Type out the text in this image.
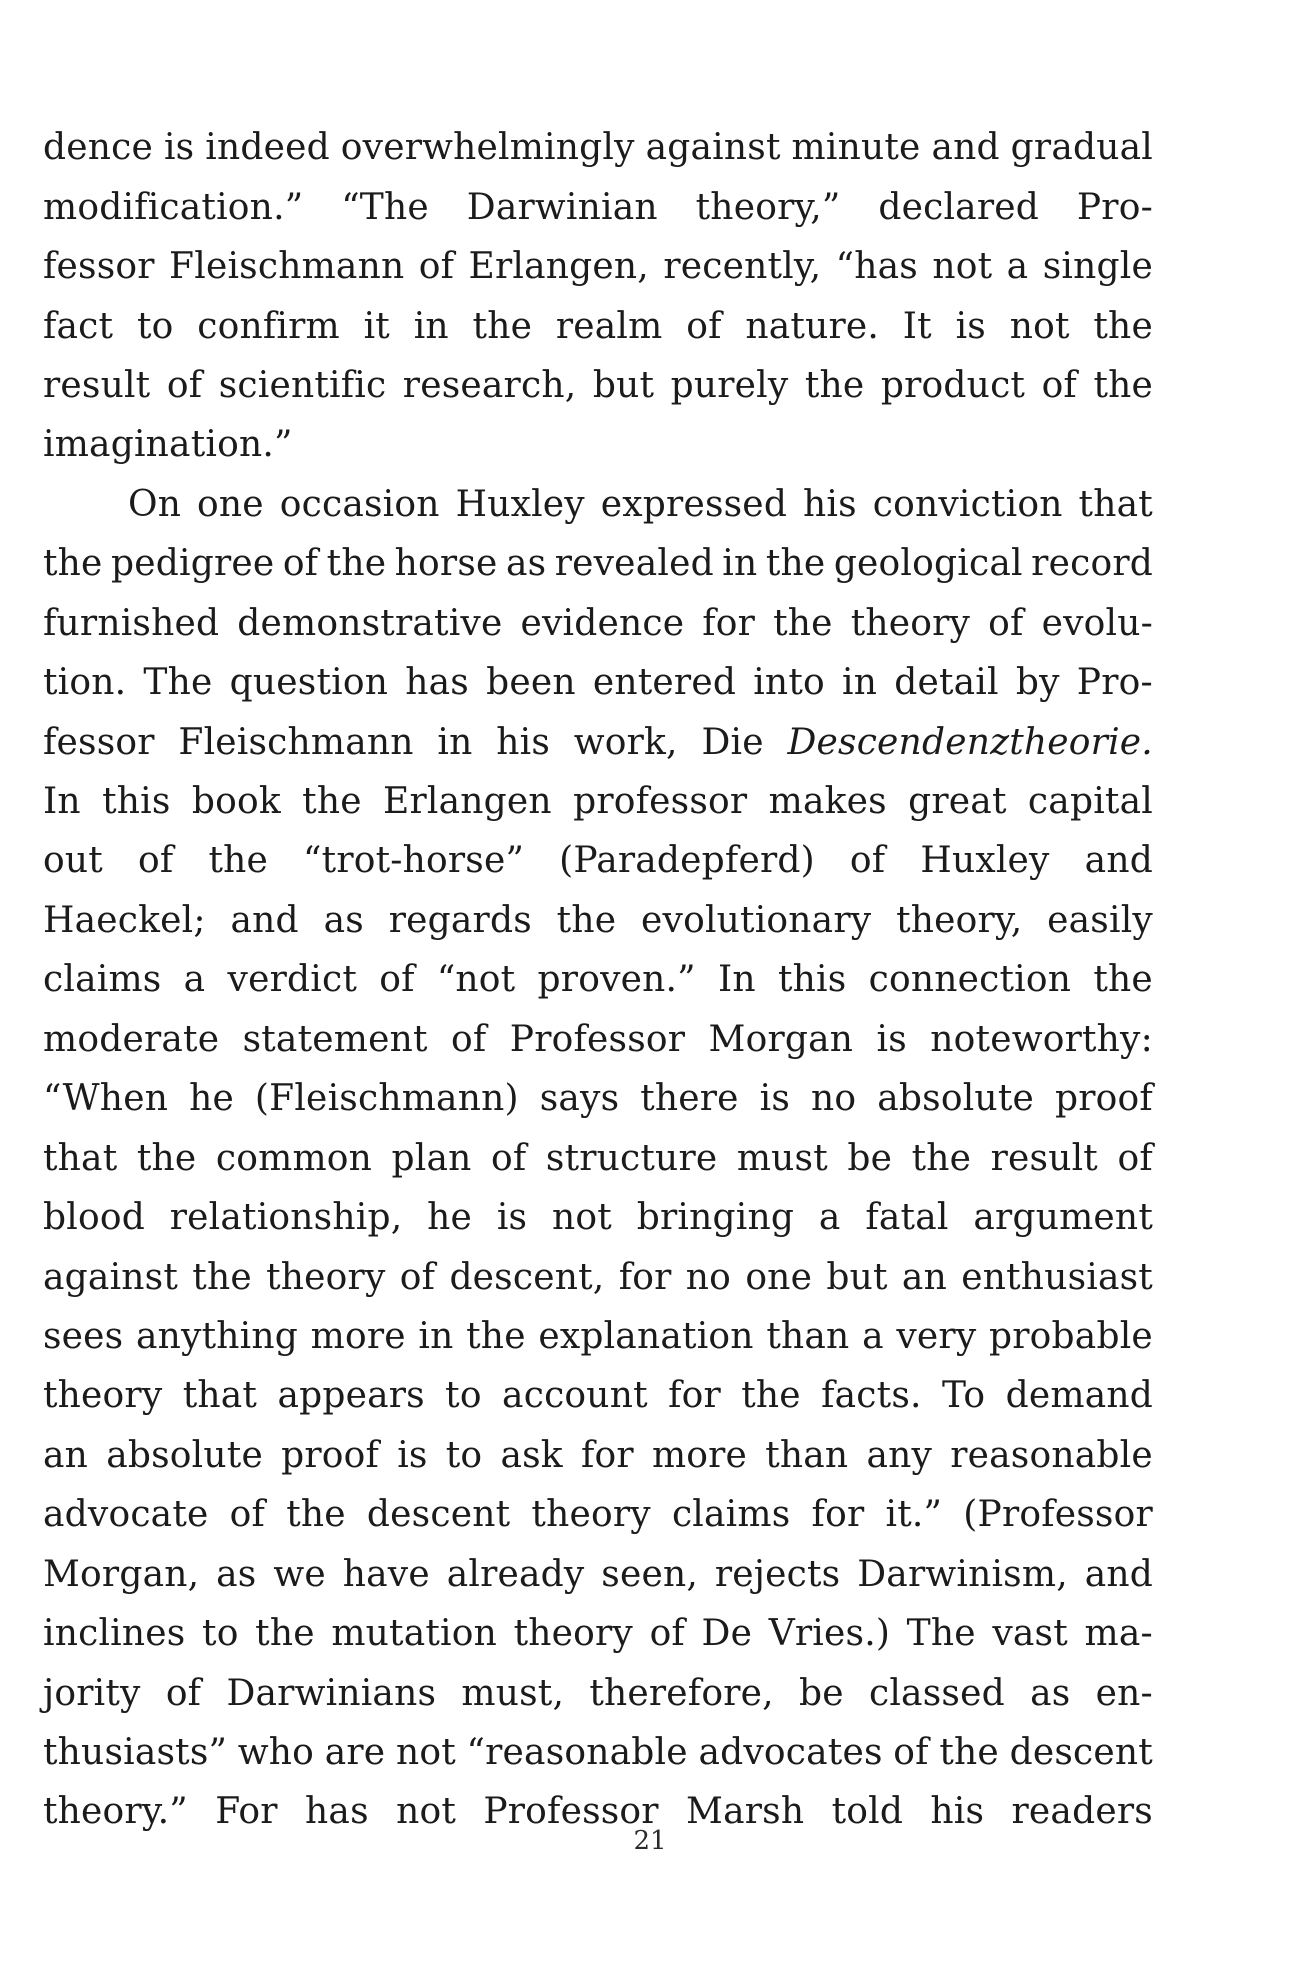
dence is indeed overwhelmingly against minute and gradual
modification.” “The Darwinian theory,” declared Pro-
fessor Fleischmann of Erlangen, recently, “has not a single
fact to confirm it in the realm of nature. It is not the
result of scientific research, but purely the product of the
imagination.”
On one occasion Huxley expressed his conviction that
the pedigree of the horse as revealed in the geological record
furnished demonstrative evidence for the theory of evolu-
tion. The question has been entered into in detail by Pro-
fessor Fleischmann in his work, Die Descendenztheorie.
In this book the Erlangen professor makes great capital
out of the “trot-horse” (Paradepferd) of Huxley and
Haeckel; and as regards the evolutionary theory, easily
claims a verdict of “not proven.” In this connection the
moderate statement of Professor Morgan is noteworthy:
“When he (Fleischmann) says there is no absolute proof
that the common plan of structure must be the result of
blood relationship, he is not bringing a fatal argument
against the theory of descent, for no one but an enthusiast
sees anything more in the explanation than a very probable
theory that appears to account for the facts. To demand
an absolute proof is to ask for more than any reasonable
advocate of the descent theory claims for it.” (Professor
Morgan, as we have already seen, rejects Darwinism, and
inclines to the mutation theory of De Vries.) The vast ma-
jority of Darwinians must, therefore, be classed as en-
thusiasts” who are not “reasonable advocates of the descent
theory.” For has not Professor Marsh told his readers
21
